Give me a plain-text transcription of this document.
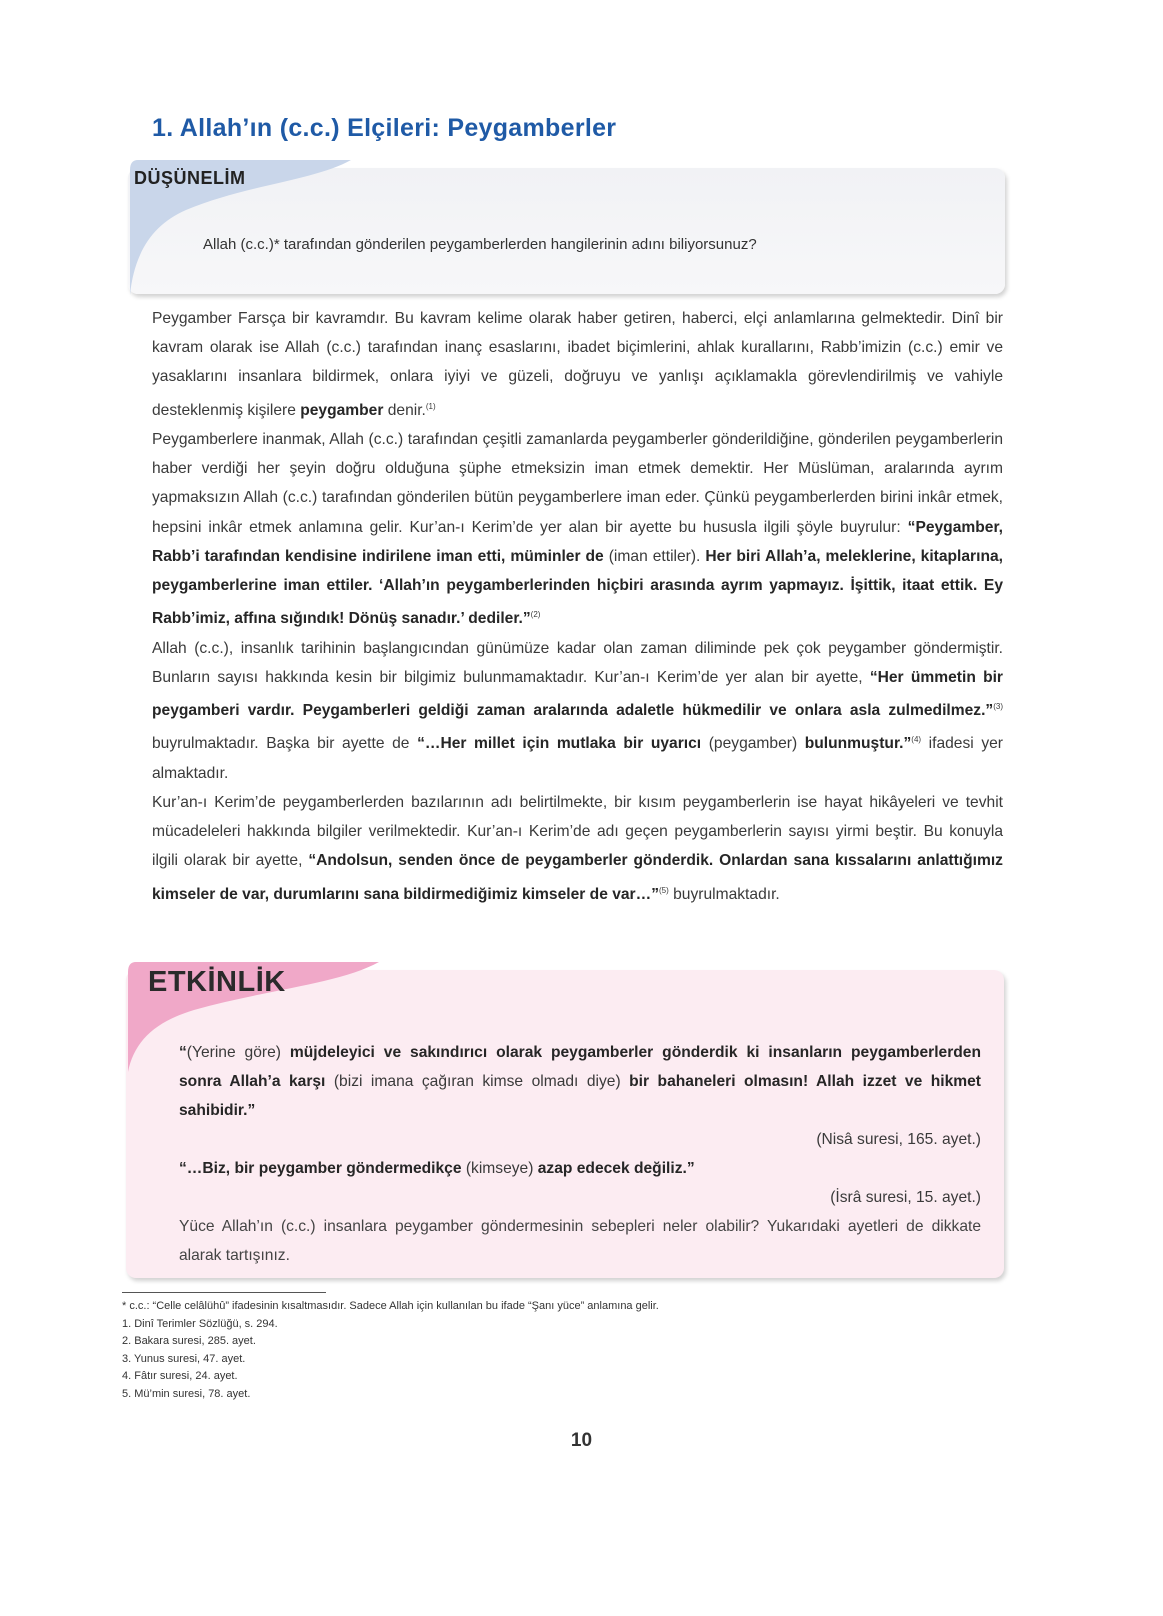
1. Allah’ın (c.c.) Elçileri: Peygamberler
DÜŞÜNELİM
Allah (c.c.)* tarafından gönderilen peygamberlerden hangilerinin adını biliyorsunuz?

Peygamber Farsça bir kavramdır. Bu kavram kelime olarak haber getiren, haberci, elçi anlamlarına gelmektedir. Dinî bir kavram olarak ise Allah (c.c.) tarafından inanç esaslarını, ibadet biçimlerini, ahlak kurallarını, Rabb’imizin (c.c.) emir ve yasaklarını insanlara bildirmek, onlara iyiyi ve güzeli, doğruyu ve yanlışı açıklamakla görevlendirilmiş ve vahiyle desteklenmiş kişilere peygamber denir.$^{(1)}$

Peygamberlere inanmak, Allah (c.c.) tarafından çeşitli zamanlarda peygamberler gönderildiğine, gönderilen peygamberlerin haber verdiği her şeyin doğru olduğuna şüphe etmeksizin iman etmek demektir. Her Müslüman, aralarında ayrım yapmaksızın Allah (c.c.) tarafından gönderilen bütün peygamberlere iman eder. Çünkü peygamberlerden birini inkâr etmek, hepsini inkâr etmek anlamına gelir. Kur’an-ı Kerim’de yer alan bir ayette bu hususla ilgili şöyle buyrulur: “Peygamber, Rabb’i tarafından kendisine indirilene iman etti, müminler de (iman ettiler). Her biri Allah’a, meleklerine, kitaplarına, peygamberlerine iman ettiler. ‘Allah’ın peygamberlerinden hiçbiri arasında ayrım yapmayız. İşittik, itaat ettik. Ey Rabb’imiz, affına sığındık! Dönüş sanadır.’ dediler.”$^{(2)}$

Allah (c.c.), insanlık tarihinin başlangıcından günümüze kadar olan zaman diliminde pek çok peygamber göndermiştir. Bunların sayısı hakkında kesin bir bilgimiz bulunmamaktadır. Kur’an-ı Kerim’de yer alan bir ayette, “Her ümmetin bir peygamberi vardır. Peygamberleri geldiği zaman aralarında adaletle hükmedilir ve onlara asla zulmedilmez.”$^{(3)}$ buyrulmaktadır. Başka bir ayette de “…Her millet için mutlaka bir uyarıcı (peygamber) bulunmuştur.”$^{(4)}$ ifadesi yer almaktadır.

Kur’an-ı Kerim’de peygamberlerden bazılarının adı belirtilmekte, bir kısım peygamberlerin ise hayat hikâyeleri ve tevhit mücadeleleri hakkında bilgiler verilmektedir. Kur’an-ı Kerim’de adı geçen peygamberlerin sayısı yirmi beştir. Bu konuyla ilgili olarak bir ayette, “Andolsun, senden önce de peygamberler gönderdik. Onlardan sana kıssalarını anlattığımız kimseler de var, durumlarını sana bildirmediğimiz kimseler de var…”$^{(5)}$ buyrulmaktadır.

ETKİNLİK

“(Yerine göre) müjdeleyici ve sakındırıcı olarak peygamberler gönderdik ki insanların peygamberlerden sonra Allah’a karşı (bizi imana çağıran kimse olmadı diye) bir bahaneleri olmasın! Allah izzet ve hikmet sahibidir.”

(Nisâ suresi, 165. ayet.)

“…Biz, bir peygamber göndermedikçe (kimseye) azap edecek değiliz.”

(İsrâ suresi, 15. ayet.)

Yüce Allah’ın (c.c.) insanlara peygamber göndermesinin sebepleri neler olabilir? Yukarıdaki ayetleri de dikkate alarak tartışınız.

* c.c.: “Celle celâlühû” ifadesinin kısaltmasıdır. Sadece Allah için kullanılan bu ifade “Şanı yüce” anlamına gelir.
1. Dinî Terimler Sözlüğü, s. 294.
2. Bakara suresi, 285. ayet.
3. Yunus suresi, 47. ayet.
4. Fâtır suresi, 24. ayet.
5. Mü’min suresi, 78. ayet.
10
